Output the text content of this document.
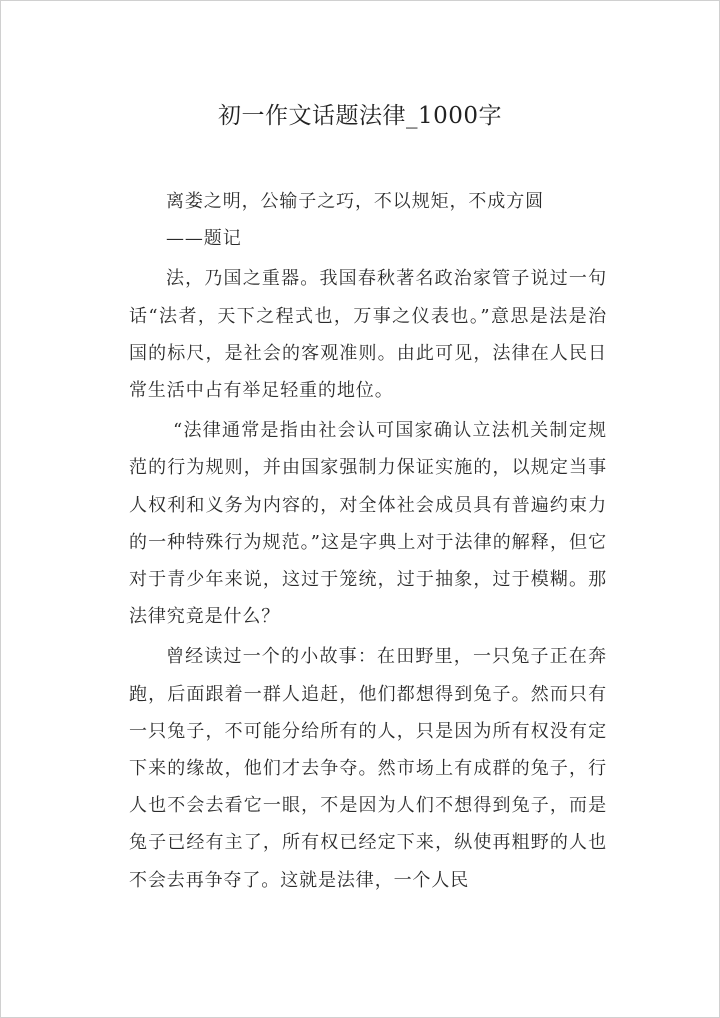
初一作文话题法律_1000字

离娄之明，公输子之巧，不以规矩，不成方圆

——题记

法，乃国之重器。我国春秋著名政治家管子说过一句话“法者，天下之程式也，万事之仪表也。”意思是法是治国的标尺，是社会的客观准则。由此可见，法律在人民日常生活中占有举足轻重的地位。

“法律通常是指由社会认可国家确认立法机关制定规范的行为规则，并由国家强制力保证实施的，以规定当事人权利和义务为内容的，对全体社会成员具有普遍约束力的一种特殊行为规范。”这是字典上对于法律的解释，但它对于青少年来说，这过于笼统，过于抽象，过于模糊。那法律究竟是什么？

曾经读过一个的小故事：在田野里，一只兔子正在奔跑，后面跟着一群人追赶，他们都想得到兔子。然而只有一只兔子，不可能分给所有的人，只是因为所有权没有定下来的缘故，他们才去争夺。然市场上有成群的兔子，行人也不会去看它一眼，不是因为人们不想得到兔子，而是兔子已经有主了，所有权已经定下来，纵使再粗野的人也不会去再争夺了。这就是法律，一个人民
